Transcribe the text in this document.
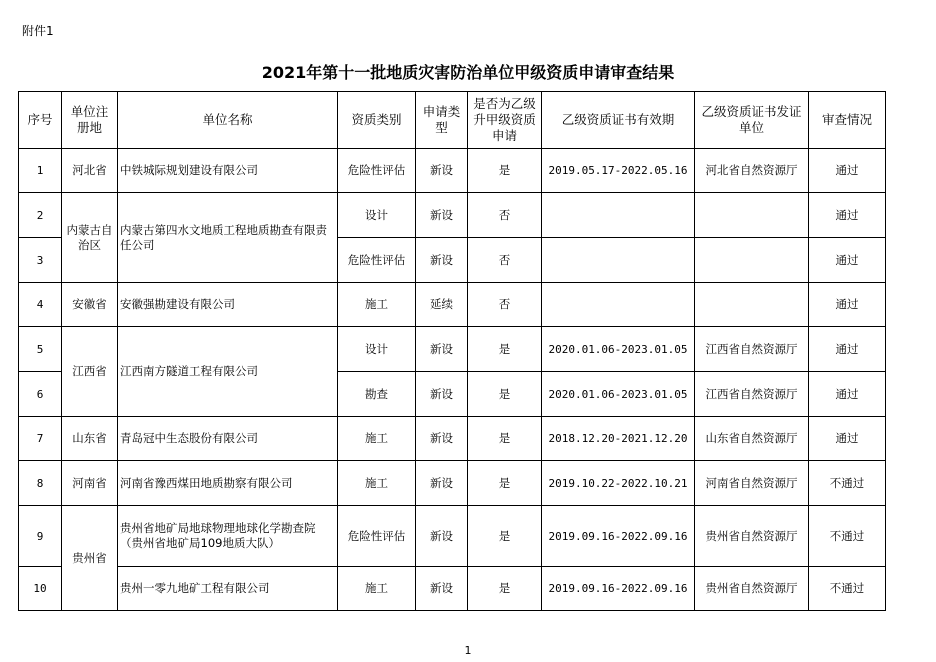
附件1
2021年第十一批地质灾害防治单位甲级资质申请审查结果
序号	单位注册地	单位名称	资质类别	申请类型	是否为乙级升甲级资质申请	乙级资质证书有效期	乙级资质证书发证单位	审查情况
1	河北省	中铁城际规划建设有限公司	危险性评估	新设	是	2019.05.17-2022.05.16	河北省自然资源厅	通过
2	内蒙古自治区	内蒙古第四水文地质工程地质勘查有限责任公司	设计	新设	否			通过
3			危险性评估	新设	否			通过
4	安徽省	安徽强勘建设有限公司	施工	延续	否			通过
5	江西省	江西南方隧道工程有限公司	设计	新设	是	2020.01.06-2023.01.05	江西省自然资源厅	通过
6			勘查	新设	是	2020.01.06-2023.01.05	江西省自然资源厅	通过
7	山东省	青岛冠中生态股份有限公司	施工	新设	是	2018.12.20-2021.12.20	山东省自然资源厅	通过
8	河南省	河南省豫西煤田地质勘察有限公司	施工	新设	是	2019.10.22-2022.10.21	河南省自然资源厅	不通过
9	贵州省	贵州省地矿局地球物理地球化学勘查院（贵州省地矿局109地质大队）	危险性评估	新设	是	2019.09.16-2022.09.16	贵州省自然资源厅	不通过
10		贵州一零九地矿工程有限公司	施工	新设	是	2019.09.16-2022.09.16	贵州省自然资源厅	不通过
1
